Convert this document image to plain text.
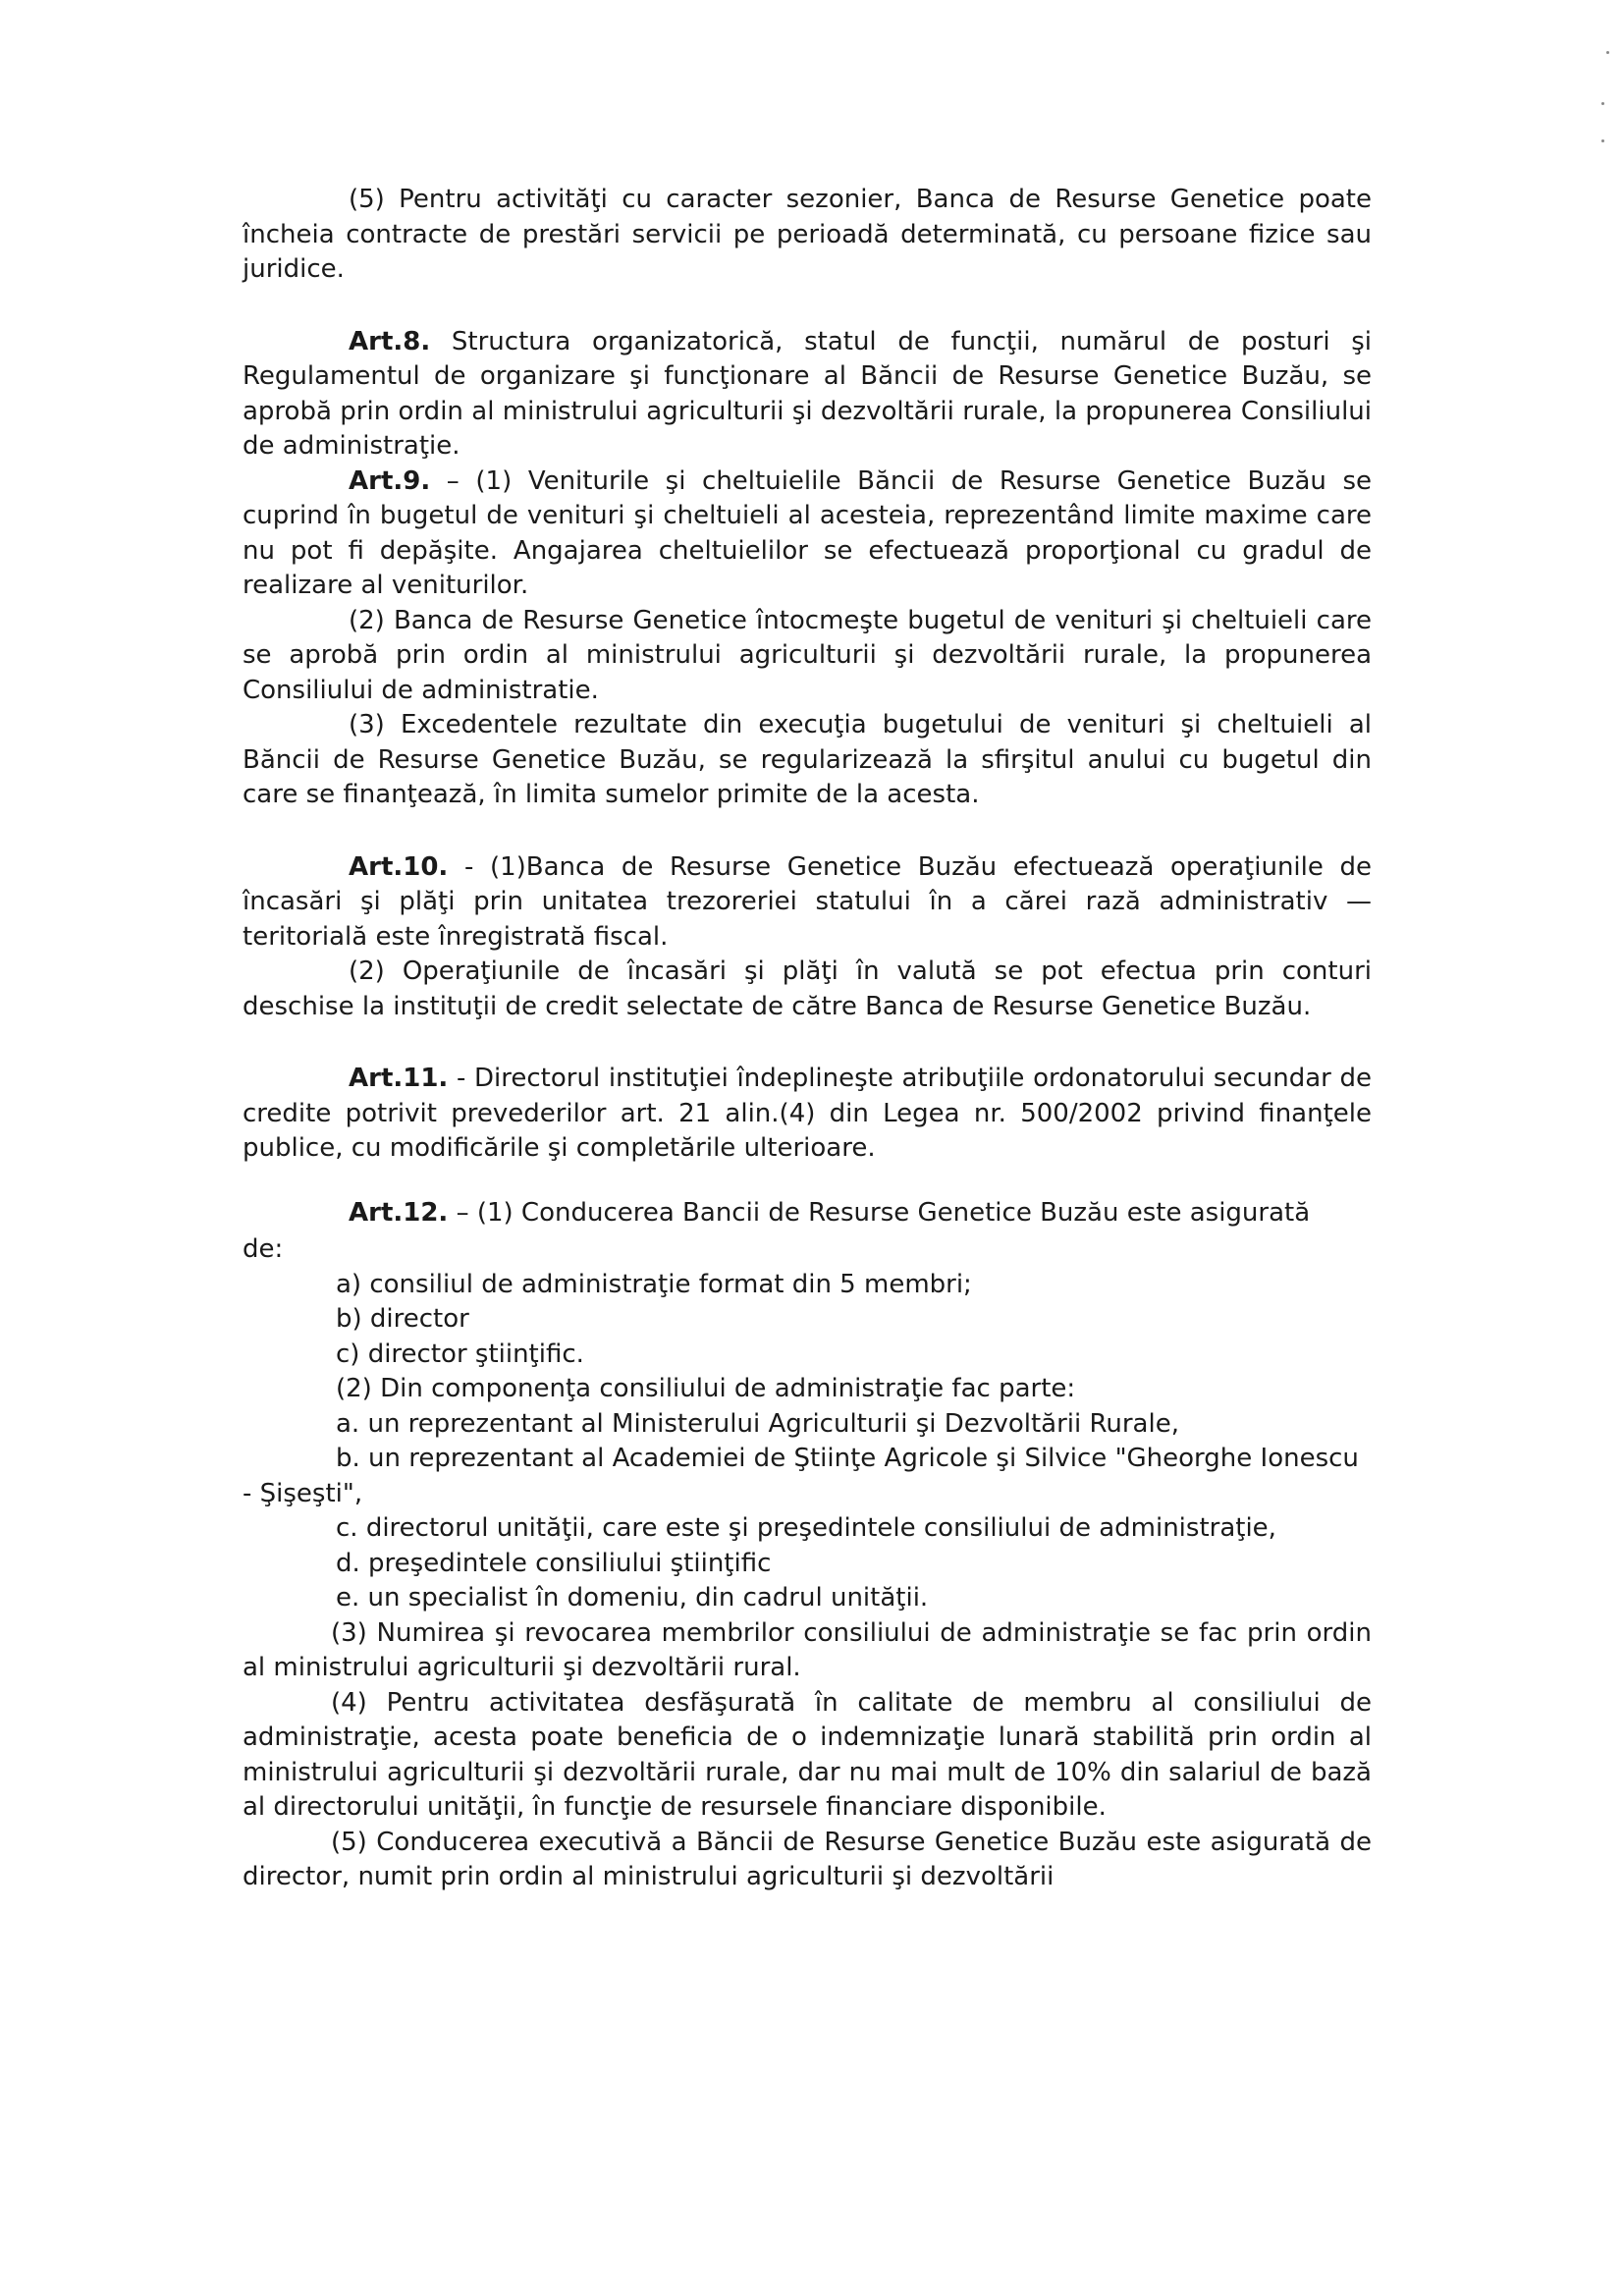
(5) Pentru activităţi cu caracter sezonier, Banca de Resurse Genetice poate încheia contracte de prestări servicii pe perioadă determinată, cu persoane fizice sau juridice.

Art.8. Structura organizatorică, statul de funcţii, numărul de posturi şi Regulamentul de organizare şi funcţionare al Băncii de Resurse Genetice Buzău, se aprobă prin ordin al ministrului agriculturii şi dezvoltării rurale, la propunerea Consiliului de administraţie.

Art.9. – (1) Veniturile şi cheltuielile Băncii de Resurse Genetice Buzău se cuprind în bugetul de venituri şi cheltuieli al acesteia, reprezentând limite maxime care nu pot fi depăşite. Angajarea cheltuielilor se efectuează proporţional cu gradul de realizare al veniturilor.

(2) Banca de Resurse Genetice întocmeşte bugetul de venituri şi cheltuieli care se aprobă prin ordin al ministrului agriculturii şi dezvoltării rurale, la propunerea Consiliului de administratie.

(3) Excedentele rezultate din execuţia bugetului de venituri şi cheltuieli al Băncii de Resurse Genetice Buzău, se regularizează la sfirşitul anului cu bugetul din care se finanţează, în limita sumelor primite de la acesta.

Art.10. - (1)Banca de Resurse Genetice Buzău efectuează operaţiunile de încasări şi plăţi prin unitatea trezoreriei statului în a cărei rază administrativ — teritorială este înregistrată fiscal.

(2) Operaţiunile de încasări şi plăţi în valută se pot efectua prin conturi deschise la instituţii de credit selectate de către Banca de Resurse Genetice Buzău.

Art.11. - Directorul instituţiei îndeplineşte atribuţiile ordonatorului secundar de credite potrivit prevederilor art. 21 alin.(4) din Legea nr. 500/2002 privind finanţele publice, cu modificările şi completările ulterioare.

Art.12. – (1) Conducerea Bancii de Resurse Genetice Buzău este asigurată

de:

a) consiliul de administraţie format din 5 membri;

b) director

c) director ştiinţific.

(2) Din componenţa consiliului de administraţie fac parte:

a. un reprezentant al Ministerului Agriculturii şi Dezvoltării Rurale,

b. un reprezentant al Academiei de Ştiinţe Agricole şi Silvice "Gheorghe Ionescu - Şişeşti",

c. directorul unităţii, care este şi preşedintele consiliului de administraţie,

d. preşedintele consiliului ştiinţific

e. un specialist în domeniu, din cadrul unităţii.

(3) Numirea şi revocarea membrilor consiliului de administraţie se fac prin ordin al ministrului agriculturii şi dezvoltării rural.

(4) Pentru activitatea desfăşurată în calitate de membru al consiliului de administraţie, acesta poate beneficia de o indemnizaţie lunară stabilită prin ordin al ministrului agriculturii şi dezvoltării rurale, dar nu mai mult de 10% din salariul de bază al directorului unităţii, în funcţie de resursele financiare disponibile.

(5) Conducerea executivă a Băncii de Resurse Genetice Buzău este asigurată de director, numit prin ordin al ministrului agriculturii şi dezvoltării
